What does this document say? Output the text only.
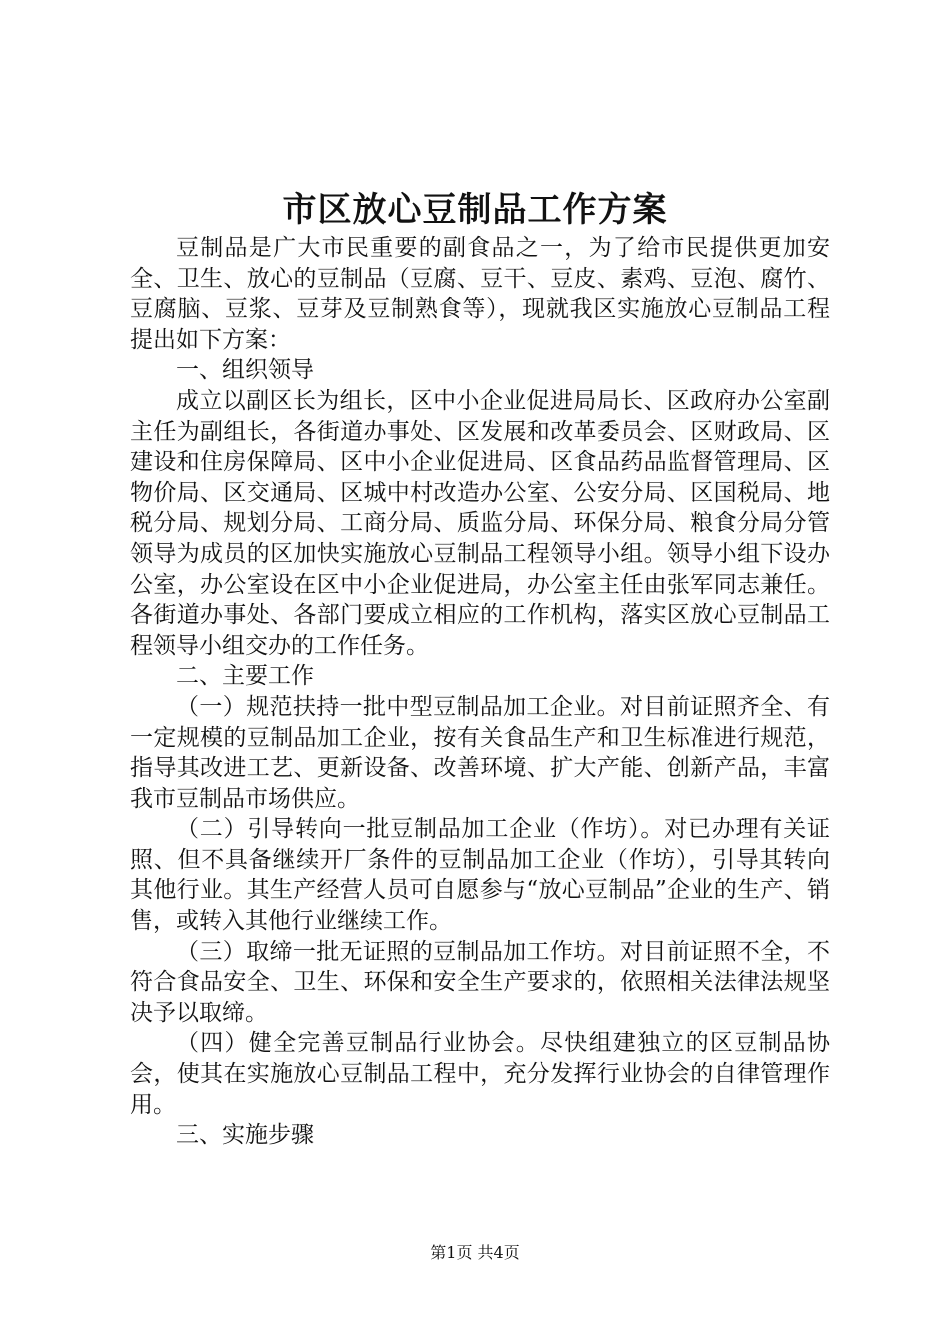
市区放心豆制品工作方案

豆制品是广大市民重要的副食品之一，为了给市民提供更加安全、卫生、放心的豆制品（豆腐、豆干、豆皮、素鸡、豆泡、腐竹、豆腐脑、豆浆、豆芽及豆制熟食等），现就我区实施放心豆制品工程提出如下方案：

一、组织领导

成立以副区长为组长，区中小企业促进局局长、区政府办公室副主任为副组长，各街道办事处、区发展和改革委员会、区财政局、区建设和住房保障局、区中小企业促进局、区食品药品监督管理局、区物价局、区交通局、区城中村改造办公室、公安分局、区国税局、地税分局、规划分局、工商分局、质监分局、环保分局、粮食分局分管领导为成员的区加快实施放心豆制品工程领导小组。领导小组下设办公室，办公室设在区中小企业促进局，办公室主任由张军同志兼任。各街道办事处、各部门要成立相应的工作机构，落实区放心豆制品工程领导小组交办的工作任务。

二、主要工作

（一）规范扶持一批中型豆制品加工企业。对目前证照齐全、有一定规模的豆制品加工企业，按有关食品生产和卫生标准进行规范，指导其改进工艺、更新设备、改善环境、扩大产能、创新产品，丰富我市豆制品市场供应。

（二）引导转向一批豆制品加工企业（作坊）。对已办理有关证照、但不具备继续开厂条件的豆制品加工企业（作坊），引导其转向其他行业。其生产经营人员可自愿参与“放心豆制品”企业的生产、销售，或转入其他行业继续工作。

（三）取缔一批无证照的豆制品加工作坊。对目前证照不全，不符合食品安全、卫生、环保和安全生产要求的，依照相关法律法规坚决予以取缔。

（四）健全完善豆制品行业协会。尽快组建独立的区豆制品协会，使其在实施放心豆制品工程中，充分发挥行业协会的自律管理作用。

三、实施步骤

第1页 共4页
